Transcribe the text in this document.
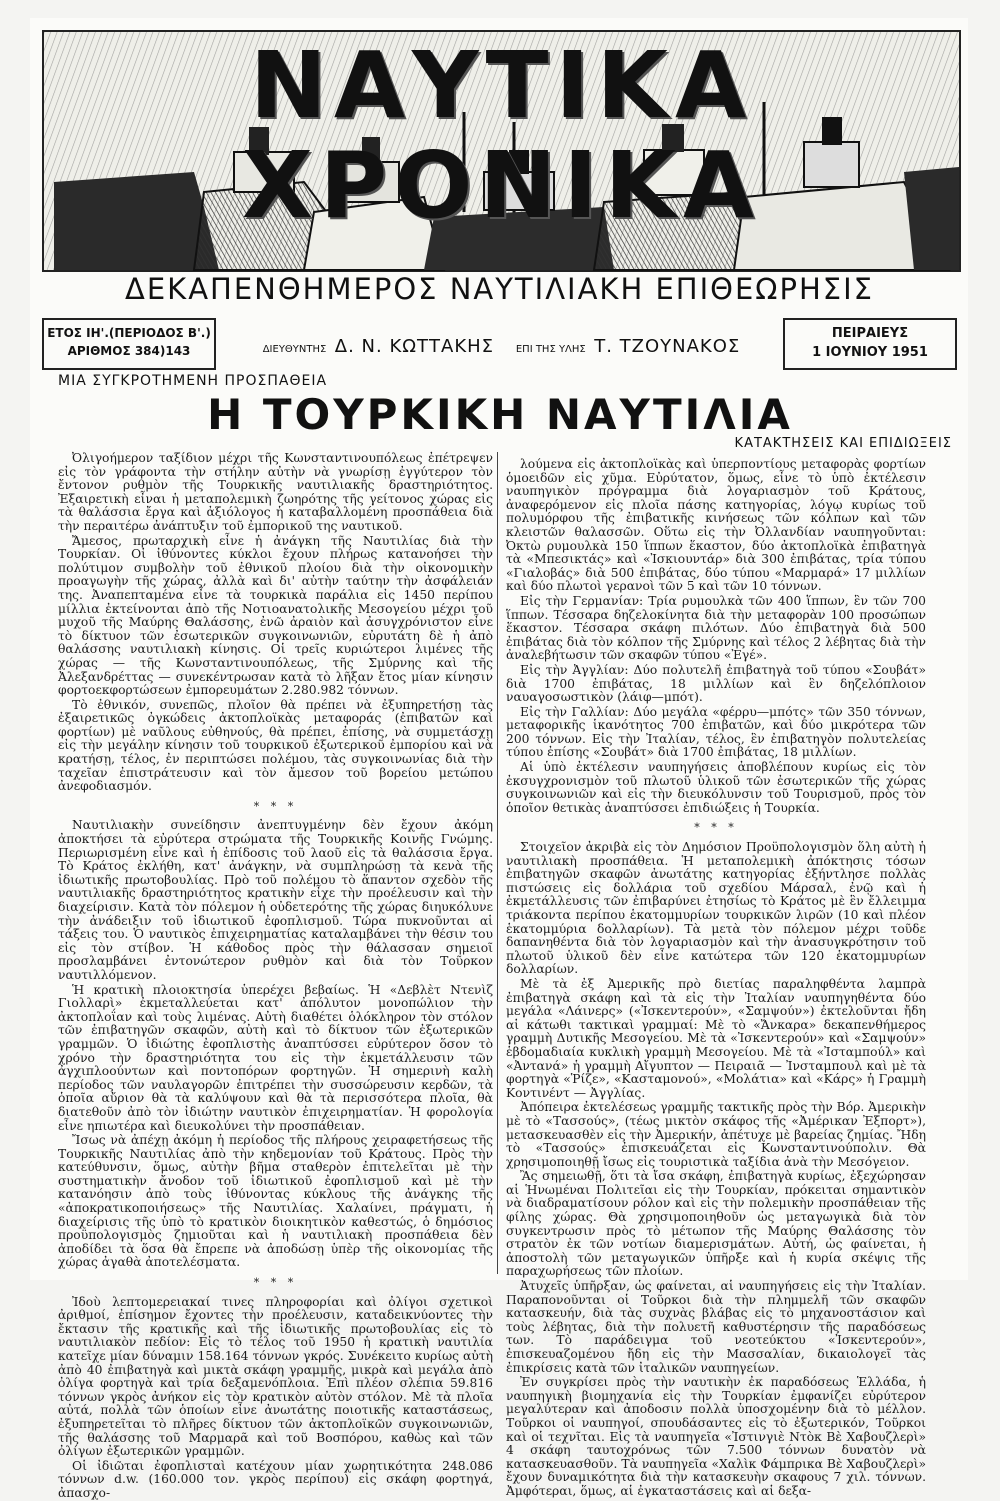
ΝΑΥΤΙΚΑ ΧΡΟΝΙΚΑ
ΔΕΚΑΠΕΝΘΗΜΕΡΟΣ ΝΑΥΤΙΛΙΑΚΗ ΕΠΙΘΕΩΡΗΣΙΣ
ΕΤΟΣ ΙΗ'.(ΠΕΡΙΟΔΟΣ Β'.)
ΑΡΙΘΜΟΣ 384)143	ΔΙΕΥΘΥΝΤΗΣ Δ. Ν. ΚΩΤΤΑΚΗΣ ΕΠΙ ΤΗΣ ΥΛΗΣ Τ. ΤΖΟΥΝΑΚΟΣ
ΠΕΙΡΑΙΕΥΣ
1 ΙΟΥΝΙΟΥ 1951
ΜΙΑ ΣΥΓΚΡΟΤΗΜΕΝΗ ΠΡΟΣΠΑΘΕΙΑ
Η ΤΟΥΡΚΙΚΗ ΝΑΥΤΙΛΙΑ
ΚΑΤΑΚΤΗΣΕΙΣ ΚΑΙ ΕΠΙΔΙΩΞΕΙΣ

Ὀλιγοήμερον ταξίδιον μέχρι τῆς Κωνσταντινουπόλεως ἐπέτρεψεν εἰς τὸν γράφοντα τὴν στήλην αὐτὴν νὰ γνωρίσῃ ἐγγύτερον τὸν ἔντονον ρυθμὸν τῆς Τουρκικῆς ναυτιλιακῆς δραστηριότητος. Ἐξαιρετικὴ εἶναι ἡ μεταπολεμικὴ ζωηρότης τῆς γείτονος χώρας εἰς τὰ θαλάσσια ἔργα καὶ ἀξιόλογος ἡ καταβαλλομένη προσπάθεια διὰ τὴν περαιτέρω ἀνάπτυξιν τοῦ ἐμπορικοῦ της ναυτικοῦ.

Ἄμεσος, πρωταρχικὴ εἶνε ἡ ἀνάγκη τῆς Ναυτιλίας διὰ τὴν Τουρκίαν. Οἱ ἰθύνοντες κύκλοι ἔχουν πλήρως κατανοήσει τὴν πολύτιμον συμβολὴν τοῦ ἐθνικοῦ πλοίου διὰ τὴν οἰκονομικὴν προαγωγὴν τῆς χώρας, ἀλλὰ καὶ δι' αὐτὴν ταύτην τὴν ἀσφάλειάν της. Ἀναπεπταμένα εἶνε τὰ τουρκικὰ παράλια εἰς 1450 περίπου μίλλια ἐκτείνονται ἀπὸ τῆς Νοτιοανατολικῆς Μεσογείου μέχρι τοῦ μυχοῦ τῆς Μαύρης Θαλάσσης, ἐνῶ ἀραιὸν καὶ ἀσυγχρόνιστον εἶνε τὸ δίκτυον τῶν ἐσωτερικῶν συγκοινωνιῶν, εὐρυτάτη δὲ ἡ ἀπὸ θαλάσσης ναυτιλιακὴ κίνησις. Οἱ τρεῖς κυριώτεροι λιμένες τῆς χώρας — τῆς Κωνσταντινουπόλεως, τῆς Σμύρνης καὶ τῆς Ἀλεξανδρέττας — συνεκέντρωσαν κατὰ τὸ λῆξαν ἔτος μίαν κίνησιν φορτοεκφορτώσεων ἐμπορευμάτων 2.280.982 τόννων.

Τὸ ἐθνικόν, συνεπῶς, πλοῖον θὰ πρέπει νὰ ἐξυπηρετήσῃ τὰς ἐξαιρετικῶς ὀγκώδεις ἀκτοπλοϊκὰς μεταφοράς (ἐπιβατῶν καὶ φορτίων) μὲ ναῦλους εὐθηνούς, θὰ πρέπει, ἐπίσης, νὰ συμμετάσχῃ εἰς τὴν μεγάλην κίνησιν τοῦ τουρκικοῦ ἐξωτερικοῦ ἐμπορίου καὶ νὰ κρατήσῃ, τέλος, ἐν περιπτώσει πολέμου, τὰς συγκοινωνίας διὰ τὴν ταχεῖαν ἐπιστράτευσιν καὶ τὸν ἄμεσον τοῦ βορείου μετώπου ἀνεφοδιασμόν.

* * *

Ναυτιλιακὴν συνείδησιν ἀνεπτυγμένην δὲν ἔχουν ἀκόμη ἀποκτήσει τὰ εὐρύτερα στρώματα τῆς Τουρκικῆς Κοινῆς Γνώμης. Περιωρισμένη εἶνε καὶ ἡ ἐπίδοσις τοῦ λαοῦ εἰς τὰ θαλάσσια ἔργα. Τὸ Κράτος ἐκλήθη, κατ' ἀνάγκην, νὰ συμπληρώσῃ τὰ κενὰ τῆς ἰδιωτικῆς πρωτοβουλίας. Πρὸ τοῦ πολέμου τὸ ἅπαντον σχεδὸν τῆς ναυτιλιακῆς δραστηριότητος κρατικὴν εἶχε τὴν προέλευσιν καὶ τὴν διαχείρισιν. Κατὰ τὸν πόλεμον ἡ οὐδετερότης τῆς χώρας διηυκόλυνε τὴν ἀνάδειξιν τοῦ ἰδιωτικοῦ ἐφοπλισμοῦ. Τώρα πυκνοῦνται αἱ τάξεις του. Ὁ ναυτικὸς ἐπιχειρηματίας καταλαμβάνει τὴν θέσιν του εἰς τὸν στίβον. Ἡ κάθοδος πρὸς τὴν θάλασσαν σημειοῖ προσλαμβάνει ἐντονώτερον ρυθμὸν καὶ διὰ τὸν Τοῦρκον ναυτιλλόμενον.

Ἡ κρατικὴ πλοιοκτησία ὑπερέχει βεβαίως. Ἡ «Δεβλὲτ Ντενὶζ Γιολλαρὶ» ἐκμεταλλεύεται κατ' ἀπόλυτον μονοπώλιον τὴν ἀκτοπλοΐαν καὶ τοὺς λιμένας. Αὐτὴ διαθέτει ὁλόκληρον τὸν στόλον τῶν ἐπιβατηγῶν σκαφῶν, αὐτὴ καὶ τὸ δίκτυον τῶν ἐξωτερικῶν γραμμῶν. Ὁ ἰδιώτης ἐφοπλιστὴς ἀναπτύσσει εὐρύτερον ὅσον τὸ χρόνο τὴν δραστηριότητα του εἰς τὴν ἐκμετάλλευσιν τῶν ἀγχιπλοούντων καὶ ποντοπόρων φορτηγῶν. Ἡ σημερινὴ καλὴ περίοδος τῶν ναυλαγορῶν ἐπιτρέπει τὴν συσσώρευσιν κερδῶν, τὰ ὁποῖα αὔριον θὰ τὰ καλύψουν καὶ θὰ τὰ περισσότερα πλοῖα, θὰ διατεθοῦν ἀπὸ τὸν ἰδιώτην ναυτικὸν ἐπιχειρηματίαν. Ἡ φορολογία εἶνε ηπιωτέρα καὶ διευκολύνει τὴν προσπάθειαν.

Ἴσως νὰ ἀπέχῃ ἀκόμη ἡ περίοδος τῆς πλήρους χειραφετήσεως τῆς Τουρκικῆς Ναυτιλίας ἀπὸ τὴν κηδεμονίαν τοῦ Κράτους. Πρὸς τὴν κατεύθυνσιν, ὅμως, αὐτὴν βῆμα σταθερὸν ἐπιτελεῖται μὲ τὴν συστηματικὴν ἄνοδον τοῦ ἰδιωτικοῦ ἐφοπλισμοῦ καὶ μὲ τὴν κατανόησιν ἀπὸ τοὺς ἰθύνοντας κύκλους τῆς ἀνάγκης τῆς «ἀποκρατικοποιήσεως» τῆς Ναυτιλίας. Χαλαίνει, πράγματι, ἡ διαχείρισις τῆς ὑπὸ τὸ κρατικὸν διοικητικὸν καθεστώς, ὁ δημόσιος προϋπολογισμὸς ζημιοῦται καὶ ἡ ναυτιλιακὴ προσπάθεια δὲν ἀποδίδει τὰ ὅσα θὰ ἔπρεπε νὰ ἀποδώσῃ ὑπὲρ τῆς οἰκονομίας τῆς χώρας ἀγαθὰ ἀποτελέσματα.

* * *

Ἰδοὺ λεπτομερειακαί τινες πληροφορίαι καὶ ὀλίγοι σχετικοὶ ἀριθμοί, ἐπίσημον ἔχοντες τὴν προέλευσιν, καταδεικνύοντες τὴν ἔκτασιν τῆς κρατικῆς καὶ τῆς ἰδιωτικῆς πρωτοβουλίας εἰς τὸ ναυτιλιακὸν πεδίον: Εἰς τὸ τέλος τοῦ 1950 ἡ κρατικὴ ναυτιλία κατεῖχε μίαν δύναμιν 158.164 τόννων γκρός. Συνέκειτο κυρίως αὐτὴ ἀπὸ 40 ἐπιβατηγὰ καὶ μικτὰ σκάφη γραμμῆς, μικρὰ καὶ μεγάλα ἀπὸ ὀλίγα φορτηγὰ καὶ τρία δεξαμενόπλοια. Ἐπὶ πλέον σλέπια 59.816 τόννων γκρὸς ἀνήκον εἰς τὸν κρατικὸν αὐτὸν στόλον. Μὲ τὰ πλοῖα αὐτά, πολλὰ τῶν ὁποίων εἶνε ἀνωτάτης ποιοτικῆς καταστάσεως, ἐξυπηρετεῖται τὸ πλῆρες δίκτυον τῶν ἀκτοπλοϊκῶν συγκοινωνιῶν, τῆς θαλάσσης τοῦ Μαρμαρᾶ καὶ τοῦ Βοσπόρου, καθὼς καὶ τῶν ὀλίγων ἐξωτερικῶν γραμμῶν.

Οἱ ἰδιῶται ἐφοπλισταὶ κατέχουν μίαν χωρητικότητα 248.086 τόννων d.w. (160.000 τον. γκρὸς περίπου) εἰς σκάφη φορτηγά, ἀπασχο-

λούμενα εἰς ἀκτοπλοϊκὰς καὶ ὑπερποντίους μεταφορὰς φορτίων ὁμοειδῶν εἰς χῦμα. Εὐρύτατον, ὅμως, εἶνε τὸ ὑπὸ ἐκτέλεσιν ναυπηγικὸν πρόγραμμα διὰ λογαριασμὸν τοῦ Κράτους, ἀναφερόμενον εἰς πλοῖα πάσης κατηγορίας, λόγῳ κυρίως τοῦ πολυμόρφου τῆς ἐπιβατικῆς κινήσεως τῶν κόλπων καὶ τῶν κλειστῶν θαλασσῶν. Οὕτω εἰς τὴν Ὀλλανδίαν ναυπηγοῦνται: Ὀκτὼ ρυμουλκὰ 150 ἵππων ἕκαστον, δύο ἀκτοπλοϊκὰ ἐπιβατηγὰ τὰ «Μπεσικτάς» καὶ «Ἰσκιουντάρ» διὰ 300 ἐπιβάτας, τρία τύπου «Γιαλοβάς» διὰ 500 ἐπιβάτας, δύο τύπου «Μαρμαρά» 17 μιλλίων καὶ δύο πλωτοὶ γερανοὶ τῶν 5 καὶ τῶν 10 τόννων.

Εἰς τὴν Γερμανίαν: Τρία ρυμουλκὰ τῶν 400 ἵππων, ἓν τῶν 700 ἵππων. Τέσσαρα δηζελοκίνητα διὰ τὴν μεταφορὰν 100 προσώπων ἕκαστον. Τέσσαρα σκάφη πιλότων. Δύο ἐπιβατηγὰ διὰ 500 ἐπιβάτας διὰ τὸν κόλπον τῆς Σμύρνης καὶ τέλος 2 λέβητας διὰ τὴν ἀναλεβήτωσιν τῶν σκαφῶν τύπου «Ἐγέ».

Εἰς τὴν Ἀγγλίαν: Δύο πολυτελῆ ἐπιβατηγὰ τοῦ τύπου «Σουβάτ» διὰ 1700 ἐπιβάτας, 18 μιλλίων καὶ ἓν δηζελόπλοιον ναυαγοσωστικὸν (λάιφ—μπότ).

Εἰς τὴν Γαλλίαν: Δύο μεγάλα «φέρρυ—μπότς» τῶν 350 τόννων, μεταφορικῆς ἱκανότητος 700 ἐπιβατῶν, καὶ δύο μικρότερα τῶν 200 τόννων. Εἰς τὴν Ἰταλίαν, τέλος, ἓν ἐπιβατηγὸν πολυτελείας τύπου ἐπίσης «Σουβάτ» διὰ 1700 ἐπιβάτας, 18 μιλλίων.

Αἱ ὑπὸ ἐκτέλεσιν ναυπηγήσεις ἀποβλέπουν κυρίως εἰς τὸν ἐκσυγχρονισμὸν τοῦ πλωτοῦ ὑλικοῦ τῶν ἐσωτερικῶν τῆς χώρας συγκοινωνιῶν καὶ εἰς τὴν διευκόλυνσιν τοῦ Τουρισμοῦ, πρὸς τὸν ὁποῖον θετικὰς ἀναπτύσσει ἐπιδιώξεις ἡ Τουρκία.

* * *

Στοιχεῖον ἀκριβὰ εἰς τὸν Δημόσιον Προϋπολογισμὸν ὅλη αὐτὴ ἡ ναυτιλιακὴ προσπάθεια. Ἡ μεταπολεμικὴ ἀπόκτησις τόσων ἐπιβατηγῶν σκαφῶν ἀνωτάτης κατηγορίας ἐξήντλησε πολλὰς πιστώσεις εἰς δολλάρια τοῦ σχεδίου Μάρσαλ, ἐνῷ καὶ ἡ ἐκμετάλλευσις τῶν ἐπιβαρύνει ἐτησίως τὸ Κράτος μὲ ἓν ἔλλειμμα τριάκοντα περίπου ἑκατομμυρίων τουρκικῶν λιρῶν (10 καὶ πλέον ἑκατομμύρια δολλαρίων). Τὰ μετὰ τὸν πόλεμον μέχρι τοῦδε δαπανηθέντα διὰ τὸν λογαριασμὸν καὶ τὴν ἀνασυγκρότησιν τοῦ πλωτοῦ ὑλικοῦ δὲν εἶνε κατώτερα τῶν 120 ἑκατομμυρίων δολλαρίων.

Μὲ τὰ ἐξ Ἀμερικῆς πρὸ διετίας παραληφθέντα λαμπρὰ ἐπιβατηγὰ σκάφη καὶ τὰ εἰς τὴν Ἰταλίαν ναυπηγηθέντα δύο μεγάλα «Λάινερς» («Ἰσκεντερούν», «Σαμψούν») ἐκτελοῦνται ἤδη αἱ κάτωθι τακτικαὶ γραμμαί: Μὲ τὸ «Ἄνκαρα» δεκαπενθήμερος γραμμὴ Δυτικῆς Μεσογείου. Μὲ τὰ «Ἰσκεντερούν» καὶ «Σαμψούν» ἑβδομαδιαία κυκλικὴ γραμμὴ Μεσογείου. Μὲ τὰ «Ἰσταμπούλ» καὶ «Ἀντανά» ἡ γραμμὴ Αἴγυπτον — Πειραιᾶ — Ἰνσταμπουλ καὶ μὲ τὰ φορτηγὰ «Ῥίζε», «Κασταμονού», «Μολάτια» καὶ «Κάρς» ἡ Γραμμὴ Κοντινέντ — Ἀγγλίας.

Ἀπόπειρα ἐκτελέσεως γραμμῆς τακτικῆς πρὸς τὴν Βόρ. Ἀμερικὴν μὲ τὸ «Τασσούς», (τέως μικτὸν σκάφος τῆς «Ἀμέρικαν Ἐξπορτ»), μετασκευασθὲν εἰς τὴν Ἀμερικήν, ἀπέτυχε μὲ βαρείας ζημίας. Ἤδη τὸ «Τασσούς» ἐπισκευάζεται εἰς Κωνσταντινούπολιν. Θὰ χρησιμοποιηθῇ ἴσως εἰς τουριστικὰ ταξίδια ἀνὰ τὴν Μεσόγειον.

Ἂς σημειωθῇ, ὅτι τὰ ἴσα σκάφη, ἐπιβατηγὰ κυρίως, ἐξεχώρησαν αἱ Ἡνωμέναι Πολιτεῖαι εἰς τὴν Τουρκίαν, πρόκειται σημαντικὸν νὰ διαδραματίσουν ρόλον καὶ εἰς τὴν πολεμικὴν προσπάθειαν τῆς φίλης χώρας. Θὰ χρησιμοποιηθοῦν ὡς μεταγωγικὰ διὰ τὸν συγκεντρωσιν πρὸς τὸ μέτωπον τῆς Μαύρης Θαλάσσης τὸν στρατὸν ἐκ τῶν νοτίων διαμερισμάτων. Αὐτή, ὡς φαίνεται, ἡ ἀποστολὴ τῶν μεταγωγικῶν ὑπῆρξε καὶ ἡ κυρία σκέψις τῆς παραχωρήσεως τῶν πλοίων.

Ἀτυχεῖς ὑπῆρξαν, ὡς φαίνεται, αἱ ναυπηγήσεις εἰς τὴν Ἰταλίαν. Παραπονοῦνται οἱ Τοῦρκοι διὰ τὴν πλημμελῆ τῶν σκαφῶν κατασκευήν, διὰ τὰς συχνὰς βλάβας εἰς τὸ μηχανοστάσιον καὶ τοὺς λέβητας, διὰ τὴν πολυετῆ καθυστέρησιν τῆς παραδόσεως των. Τὸ παράδειγμα τοῦ νεοτεύκτου «Ἰσκεντερούν», ἐπισκευαζομένου ἤδη εἰς τὴν Μασσαλίαν, δικαιολογεῖ τὰς ἐπικρίσεις κατὰ τῶν ἰταλικῶν ναυπηγείων.

Ἐν συγκρίσει πρὸς τὴν ναυτικὴν ἐκ παραδόσεως Ἑλλάδα, ἡ ναυπηγικὴ βιομηχανία εἰς τὴν Τουρκίαν ἐμφανίζει εὐρύτερον μεγαλύτεραν καὶ ἀποδοσιν πολλὰ ὑποσχομένην διὰ τὸ μέλλον. Τοῦρκοι οἱ ναυπηγοί, σπουδάσαντες εἰς τὸ ἐξωτερικόν, Τοῦρκοι καὶ οἱ τεχνῖται. Εἰς τὰ ναυπηγεῖα «Ἰστινγιὲ Ντὸκ Βὲ Χαβουζλερὶ» 4 σκάφη ταυτοχρόνως τῶν 7.500 τόννων δυνατὸν νὰ κατασκευασθοῦν. Τὰ ναυπηγεῖα «Χαλὶκ Φάμπρικα Βὲ Χαβουζλερὶ» ἔχουν δυναμικότητα διὰ τὴν κατασκευὴν σκαφους 7 χιλ. τόννων. Ἀμφότεραι, ὅμως, αἱ ἐγκαταστάσεις καὶ αἱ δεξα-
